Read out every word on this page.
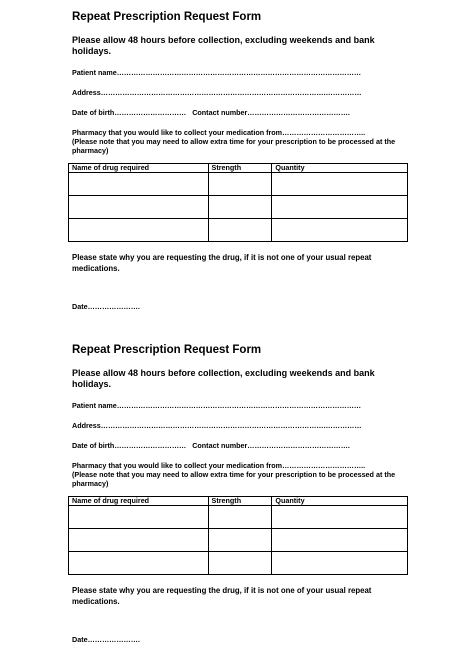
Repeat Prescription Request Form
Please allow 48 hours before collection, excluding weekends and bank holidays.
Patient name…………………………………………………………………………………………
Address………………………………………………………………………………….……………
Date of birth………………………… Contact number…………………………………….
Pharmacy that you would like to collect your medication from……………………………..
(Please note that you may need to allow extra time for your prescription to be processed at the pharmacy)
Name of drug required	Strength	Quantity

Please state why you are requesting the drug, if it is not one of your usual repeat medications.
Date………………….
Repeat Prescription Request Form
Please allow 48 hours before collection, excluding weekends and bank holidays.
Patient name…………………………………………………………………………………………
Address………………………………………………………………………………….……………
Date of birth………………………… Contact number…………………………………….
Pharmacy that you would like to collect your medication from……………………………..
(Please note that you may need to allow extra time for your prescription to be processed at the pharmacy)
Name of drug required	Strength	Quantity

Please state why you are requesting the drug, if it is not one of your usual repeat medications.
Date………………….
